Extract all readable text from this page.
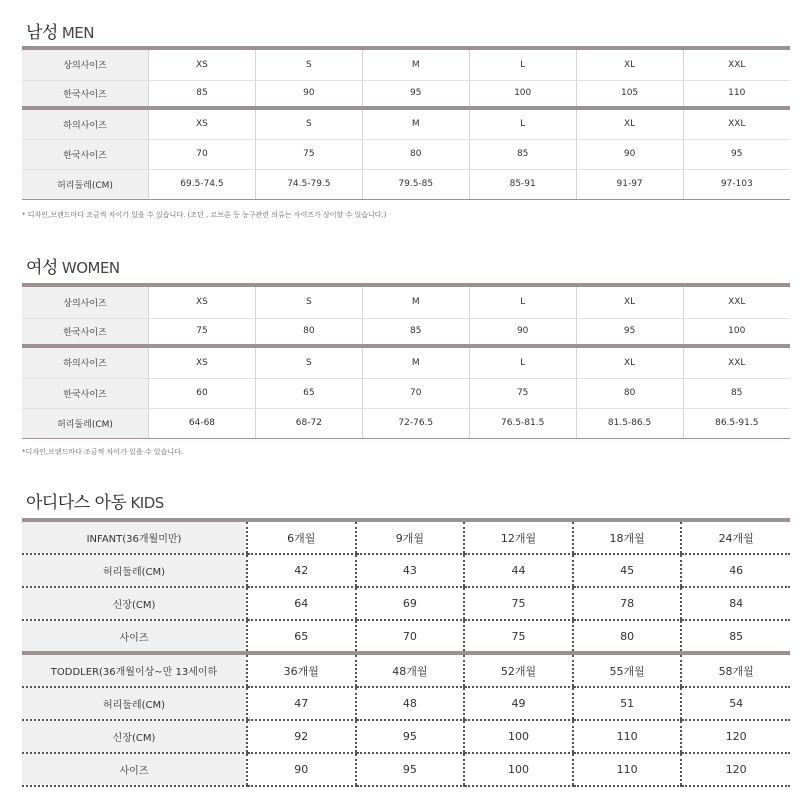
남성 MEN
상의사이즈	XS	S	M	L	XL	XXL
한국사이즈	85	90	95	100	105	110
하의사이즈	XS	S	M	L	XL	XXL
한국사이즈	70	75	80	85	90	95
허리둘레(CM)	69.5-74.5	74.5-79.5	79.5-85	85-91	91-97	97-103
* 디자인,브랜드마다 조금씩 차이가 있을 수 있습니다. (조던 , 르브론 등 농구관련 의류는 사이즈가 상이할 수 있습니다.)
여성 WOMEN
상의사이즈	XS	S	M	L	XL	XXL
한국사이즈	75	80	85	90	95	100
하의사이즈	XS	S	M	L	XL	XXL
한국사이즈	60	65	70	75	80	85
허리둘레(CM)	64-68	68-72	72-76.5	76.5-81.5	81.5-86.5	86.5-91.5
*디자인,브랜드마다 조금씩 차이가 있을 수 있습니다.
아디다스 아동 KIDS
INFANT(36개월미만)	6개월	9개월	12개월	18개월	24개월
허리둘레(CM)	42	43	44	45	46
신장(CM)	64	69	75	78	84
사이즈	65	70	75	80	85
TODDLER(36개월이상~만 13세이하	36개월	48개월	52개월	55개월	58개월
허리둘레(CM)	47	48	49	51	54
신장(CM)	92	95	100	110	120
사이즈	90	95	100	110	120
